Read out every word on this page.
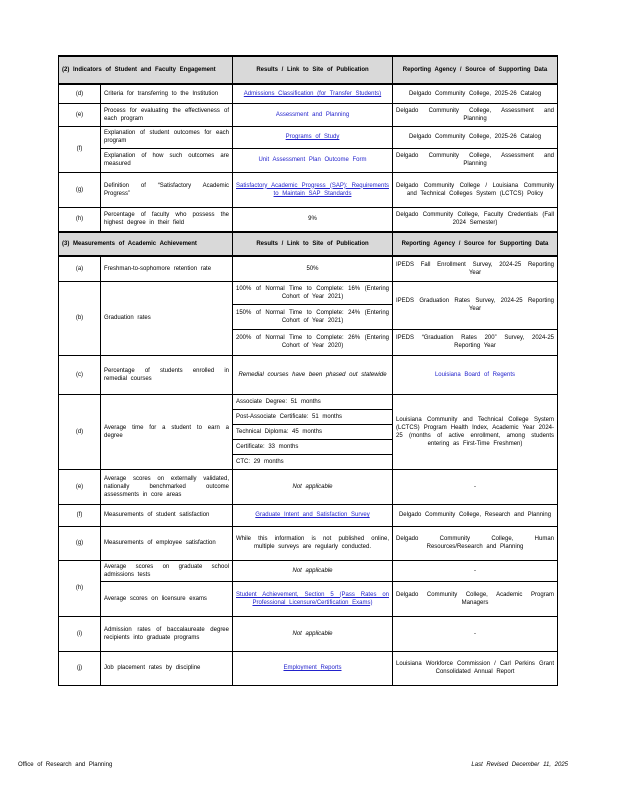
(2) Indicators of Student and Faculty Engagement		Results / Link to Site of Publication	Reporting Agency / Source of Supporting Data
(d)	Criteria for transferring to the Institution	Admissions Classification (for Transfer Students)	Delgado Community College, 2025-26 Catalog
(e)	Process for evaluating the effectiveness of each program	Assessment and Planning	Delgado Community College, Assessment and Planning
(f)	Explanation of student outcomes for each program	Programs of Study	Delgado Community College, 2025-26 Catalog
	Explanation of how such outcomes are measured	Unit Assessment Plan Outcome Form	Delgado Community College, Assessment and Planning
(g)	Definition of “Satisfactory Academic Progress”	Satisfactory Academic Progress (SAP): Requirements to Maintain SAP Standards	Delgado Community College / Louisiana Community and Technical Colleges System (LCTCS) Policy
(h)	Percentage of faculty who possess the highest degree in their field	9%	Delgado Community College, Faculty Credentials (Fall 2024 Semester)
(3) Measurements of Academic Achievement		Results / Link to Site of Publication	Reporting Agency / Source for Supporting Data
(a)	Freshman-to-sophomore retention rate	50%	IPEDS Fall Enrollment Survey, 2024-25 Reporting Year
(b)	Graduation rates	100% of Normal Time to Complete: 16% (Entering Cohort of Year 2021)	IPEDS Graduation Rates Survey, 2024-25 Reporting Year
		150% of Normal Time to Complete: 24% (Entering Cohort of Year 2021)	
		200% of Normal Time to Complete: 26% (Entering Cohort of Year 2020)	IPEDS “Graduation Rates 200” Survey, 2024-25 Reporting Year
(c)	Percentage of students enrolled in remedial courses	Remedial courses have been phased out statewide	Louisiana Board of Regents
(d)	Average time for a student to earn a degree	Associate Degree: 51 months	Louisiana Community and Technical College System (LCTCS) Program Health Index, Academic Year 2024-25 (months of active enrollment, among students entering as First-Time Freshmen)
		Post-Associate Certificate: 51 months	
		Technical Diploma: 45 months	
		Certificate: 33 months	
		CTC: 29 months	
(e)	Average scores on externally validated, nationally benchmarked outcome assessments in core areas	Not applicable	-
(f)	Measurements of student satisfaction	Graduate Intent and Satisfaction Survey	Delgado Community College, Research and Planning
(g)	Measurements of employee satisfaction	While this information is not published online, multiple surveys are regularly conducted.	Delgado Community College, Human Resources/Research and Planning
(h)	Average scores on graduate school admissions tests	Not applicable	-
	Average scores on licensure exams	Student Achievement, Section 5 (Pass Rates on Professional Licensure/Certification Exams)	Delgado Community College, Academic Program Managers
(i)	Admission rates of baccalaureate degree recipients into graduate programs	Not applicable	-
(j)	Job placement rates by discipline	Employment Reports	Louisiana Workforce Commission / Carl Perkins Grant Consolidated Annual Report
Office of Research and Planning	Last Revised December 11, 2025
